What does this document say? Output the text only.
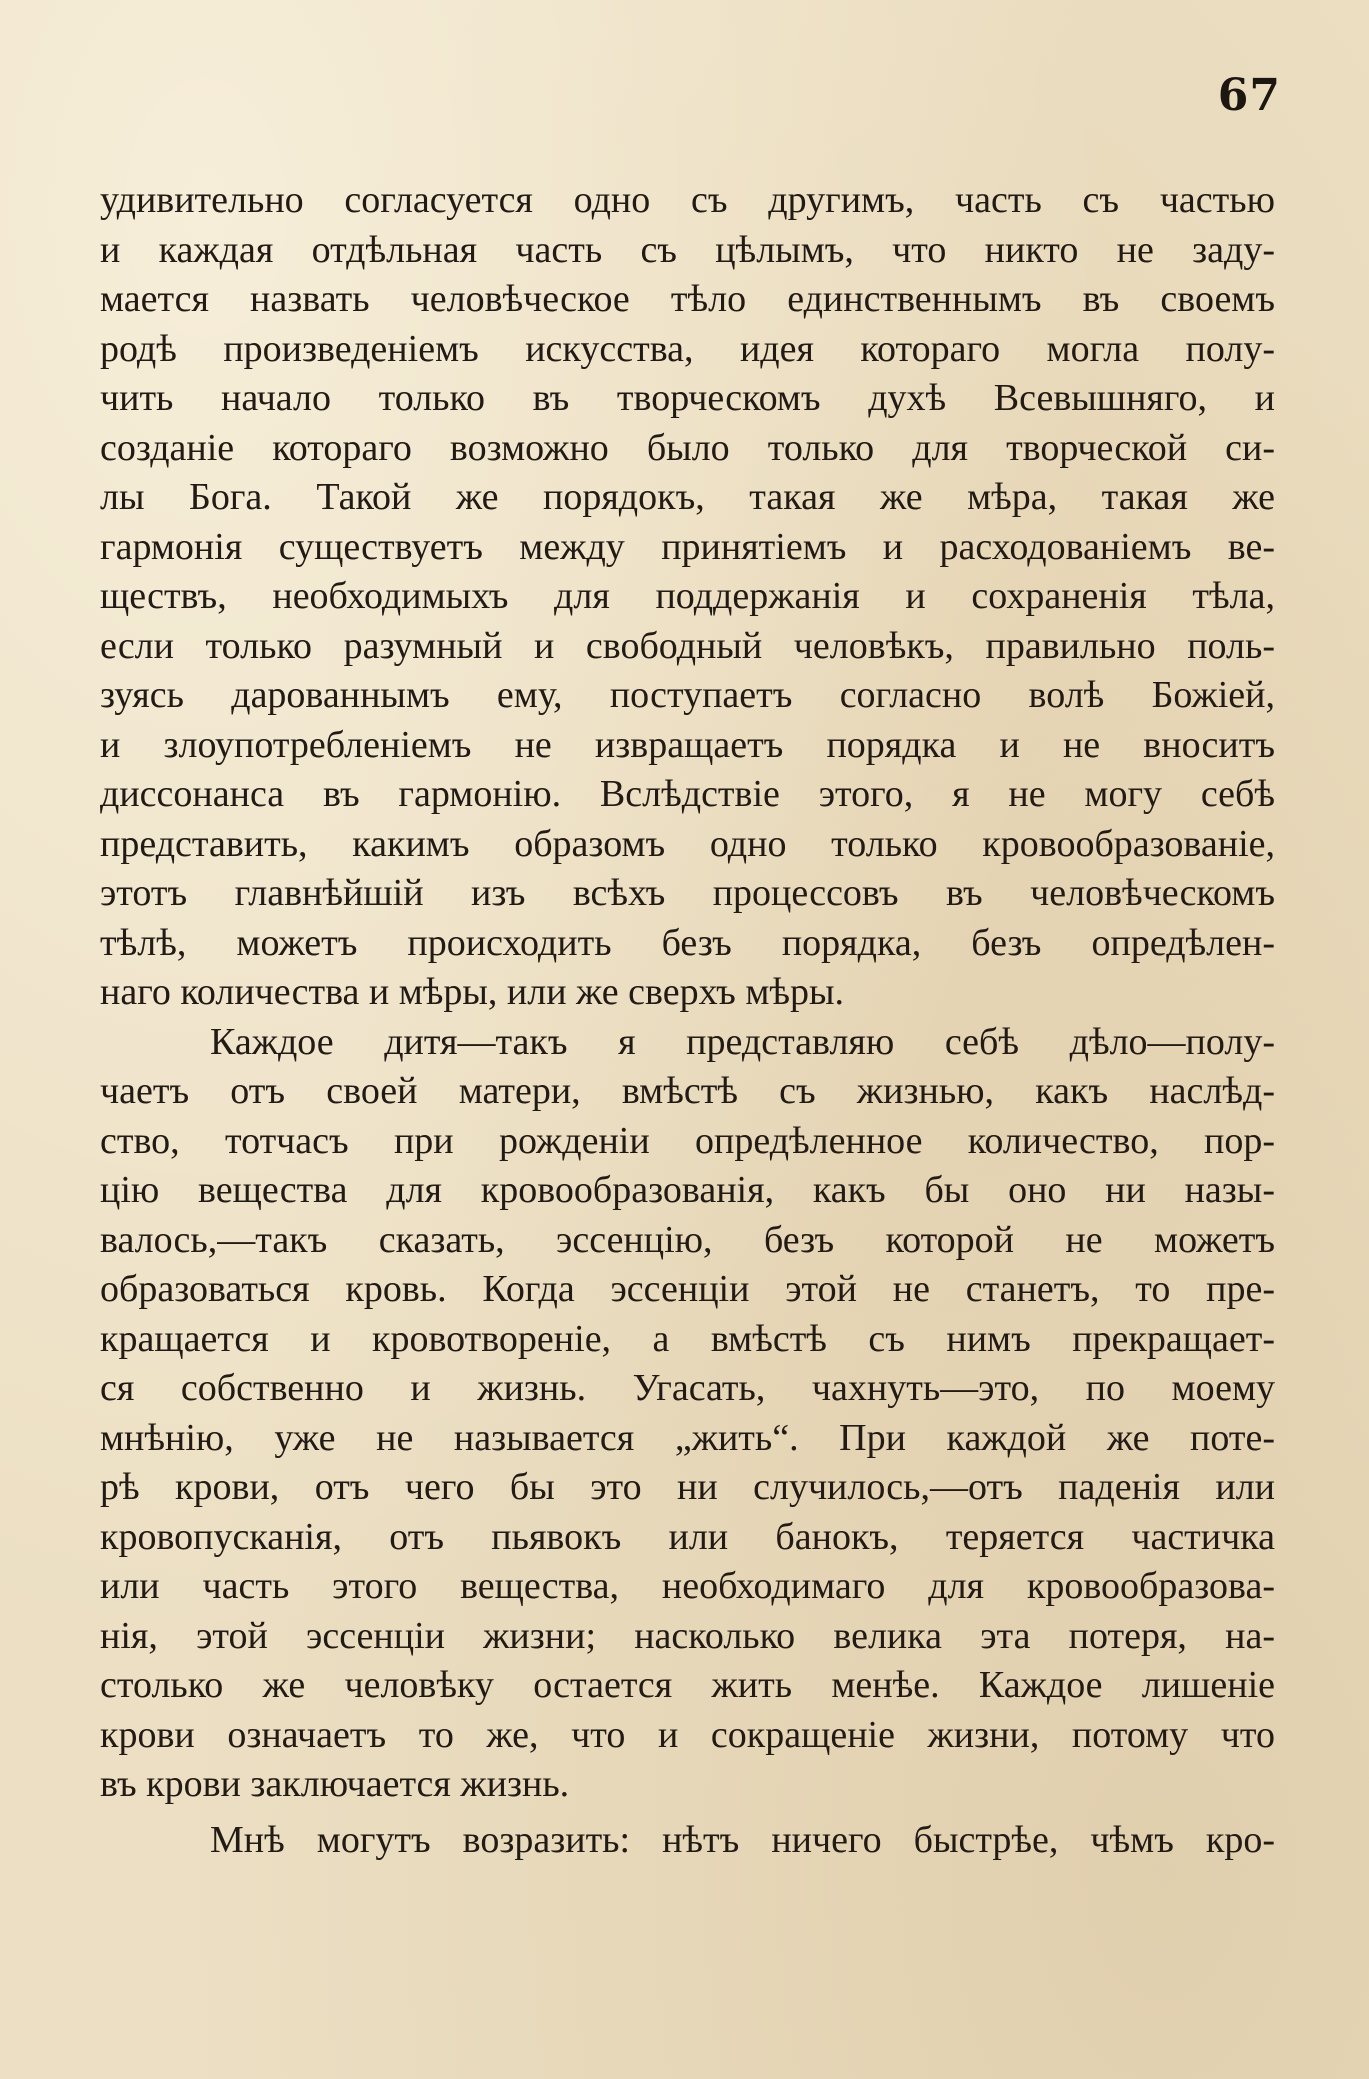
67
удивительно согласуется одно съ другимъ, часть съ частью
и каждая отдѣльная часть съ цѣлымъ, что никто не заду-
мается назвать человѣческое тѣло единственнымъ въ своемъ
родѣ произведеніемъ искусства, идея котораго могла полу-
чить начало только въ творческомъ духѣ Всевышняго, и
созданіе котораго возможно было только для творческой си-
лы Бога. Такой же порядокъ, такая же мѣра, такая же
гармонія существуетъ между принятіемъ и расходованіемъ ве-
ществъ, необходимыхъ для поддержанія и сохраненія тѣла,
если только разумный и свободный человѣкъ, правильно поль-
зуясь дарованнымъ ему, поступаетъ согласно волѣ Божіей,
и злоупотребленіемъ не извращаетъ порядка и не вноситъ
диссонанса въ гармонію. Вслѣдствіе этого, я не могу себѣ
представить, какимъ образомъ одно только кровообразованіе,
этотъ главнѣйшій изъ всѣхъ процессовъ въ человѣческомъ
тѣлѣ, можетъ происходить безъ порядка, безъ опредѣлен-
наго количества и мѣры, или же сверхъ мѣры.
Каждое дитя—такъ я представляю себѣ дѣло—полу-
чаетъ отъ своей матери, вмѣстѣ съ жизнью, какъ наслѣд-
ство, тотчасъ при рожденіи опредѣленное количество, пор-
цію вещества для кровообразованія, какъ бы оно ни назы-
валось,—такъ сказать, эссенцію, безъ которой не можетъ
образоваться кровь. Когда эссенціи этой не станетъ, то пре-
кращается и кровотвореніе, а вмѣстѣ съ нимъ прекращает-
ся собственно и жизнь. Угасать, чахнуть—это, по моему
мнѣнію, уже не называется „жить“. При каждой же поте-
рѣ крови, отъ чего бы это ни случилось,—отъ паденія или
кровопусканія, отъ пьявокъ или банокъ, теряется частичка
или часть этого вещества, необходимаго для кровообразова-
нія, этой эссенціи жизни; насколько велика эта потеря, на-
столько же человѣку остается жить менѣе. Каждое лишеніе
крови означаетъ то же, что и сокращеніе жизни, потому что
въ крови заключается жизнь.
Мнѣ могутъ возразить: нѣтъ ничего быстрѣе, чѣмъ кро-
